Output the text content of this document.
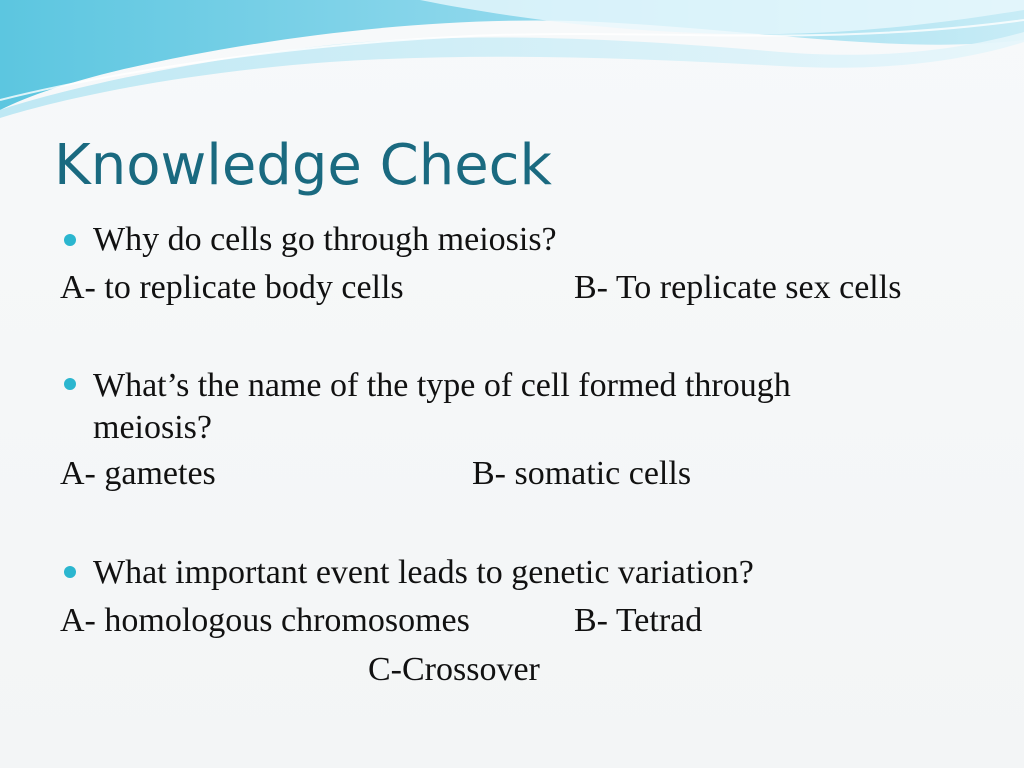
Knowledge Check

Why do cells go through meiosis?

A- to replicate body cells	B- To replicate sex cells

What’s the name of the type of cell formed through

meiosis?

A- gametes	B- somatic cells

What important event leads to genetic variation?

A- homologous chromosomes	B- Tetrad

C-Crossover
